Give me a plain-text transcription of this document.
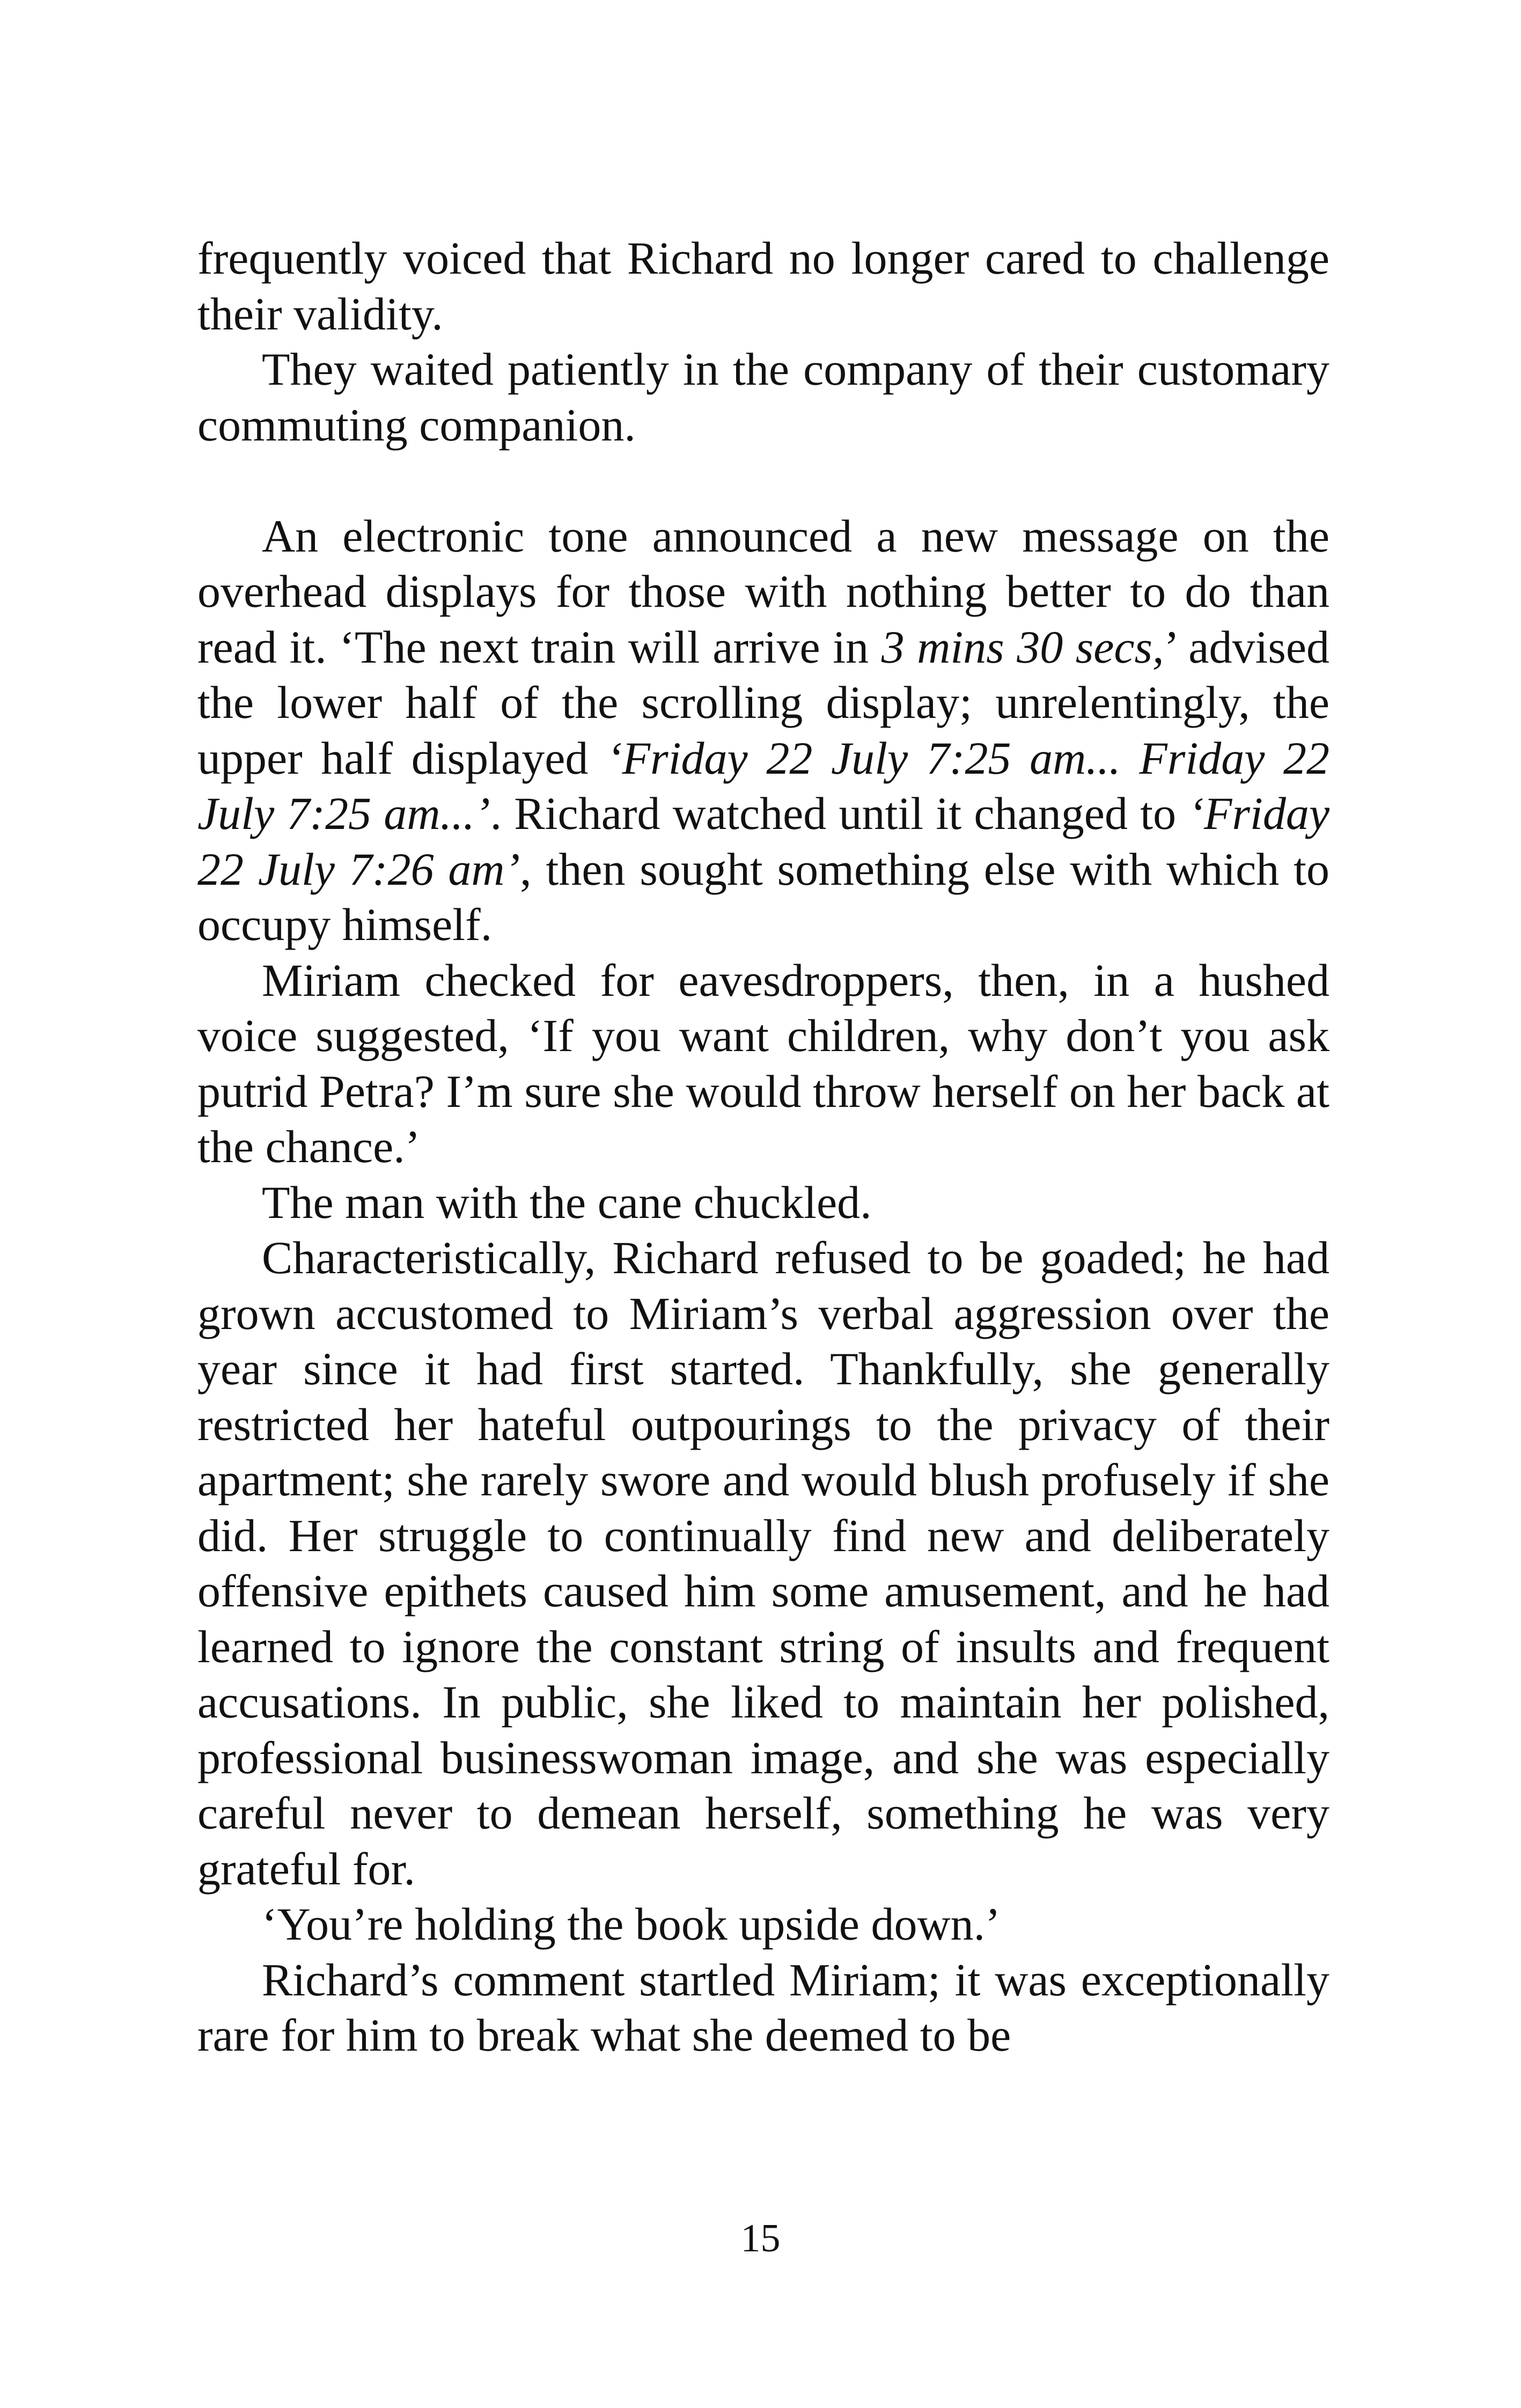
frequently voiced that Richard no longer cared to challenge their validity.

They waited patiently in the company of their customary commuting companion.

An electronic tone announced a new message on the overhead displays for those with nothing better to do than read it. ‘The next train will arrive in 3 mins 30 secs,’ advised the lower half of the scrolling display; unrelentingly, the upper half displayed ‘Friday 22 July 7:25 am... Friday 22 July 7:25 am...’. Richard watched until it changed to ‘Friday 22 July 7:26 am’, then sought something else with which to occupy himself.

Miriam checked for eavesdroppers, then, in a hushed voice suggested, ‘If you want children, why don’t you ask putrid Petra? I’m sure she would throw herself on her back at the chance.’

The man with the cane chuckled.

Characteristically, Richard refused to be goaded; he had grown accustomed to Miriam’s verbal aggression over the year since it had first started. Thankfully, she generally restricted her hateful outpourings to the privacy of their apartment; she rarely swore and would blush profusely if she did. Her struggle to continually find new and deliberately offensive epithets caused him some amusement, and he had learned to ignore the constant string of insults and frequent accusations. In public, she liked to maintain her polished, professional businesswoman image, and she was especially careful never to demean herself, something he was very grateful for.

‘You’re holding the book upside down.’

Richard’s comment startled Miriam; it was exceptionally rare for him to break what she deemed to be

15
